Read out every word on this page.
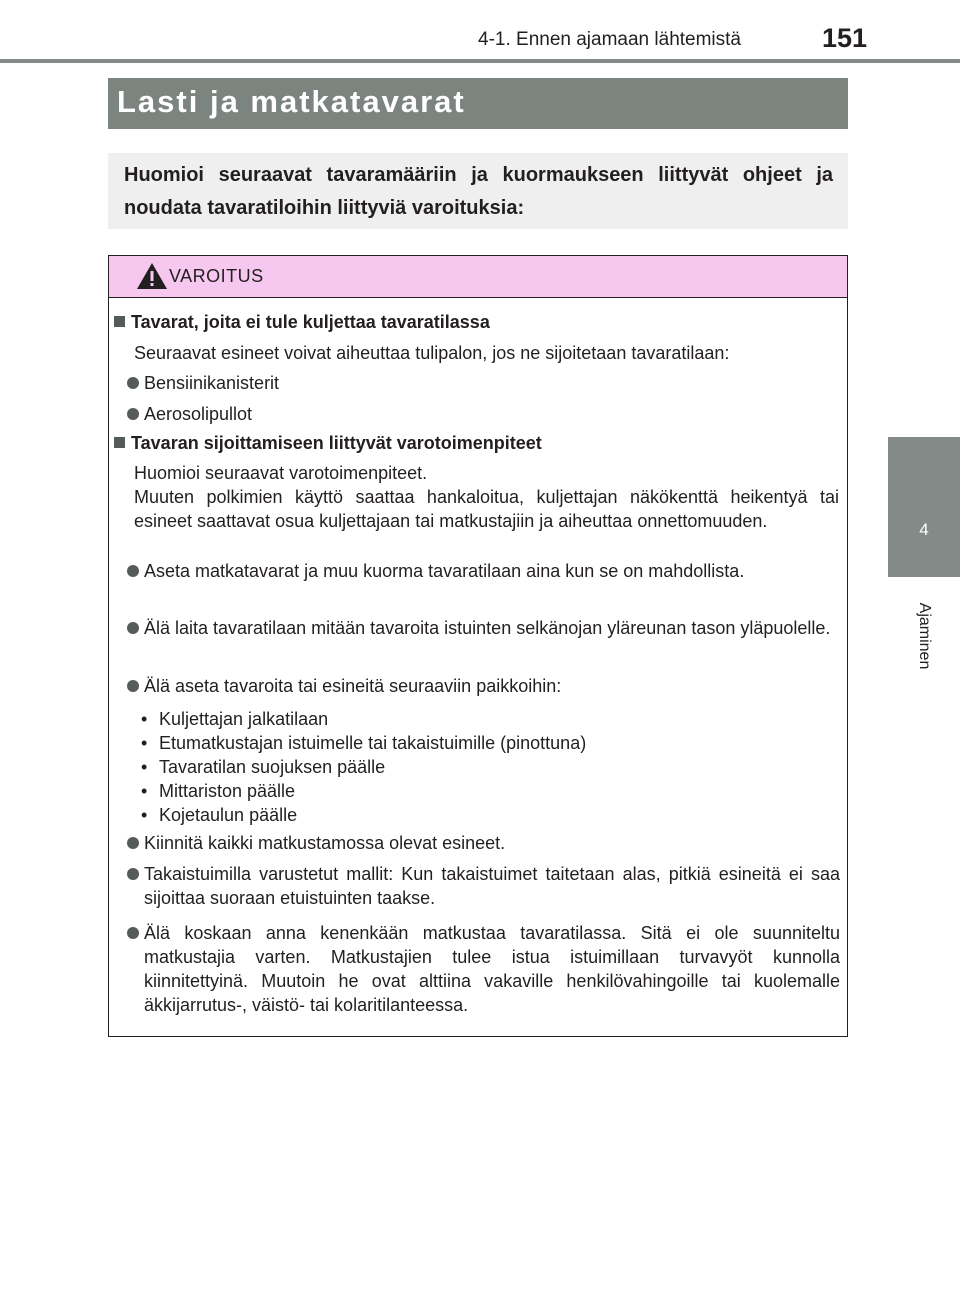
4-1. Ennen ajamaan lähtemistä	151
4
Ajaminen
Lasti ja matkatavarat
Huomioi seuraavat tavaramääriin ja kuormaukseen liittyvät ohjeet ja noudata tavaratiloihin liittyviä varoituksia:
VAROITUS
Tavarat, joita ei tule kuljettaa tavaratilassa
Seuraavat esineet voivat aiheuttaa tulipalon, jos ne sijoitetaan tavaratilaan:
Bensiinikanisterit
Aerosolipullot
Tavaran sijoittamiseen liittyvät varotoimenpiteet
Huomioi seuraavat varotoimenpiteet.
Muuten polkimien käyttö saattaa hankaloitua, kuljettajan näkökenttä heikentyä tai esineet saattavat osua kuljettajaan tai matkustajiin ja aiheuttaa onnettomuuden.
Aseta matkatavarat ja muu kuorma tavaratilaan aina kun se on mahdollista.
Älä laita tavaratilaan mitään tavaroita istuinten selkänojan yläreunan tason yläpuolelle.
Älä aseta tavaroita tai esineitä seuraaviin paikkoihin:
• Kuljettajan jalkatilaan
• Etumatkustajan istuimelle tai takaistuimille (pinottuna)
• Tavaratilan suojuksen päälle
• Mittariston päälle
• Kojetaulun päälle
Kiinnitä kaikki matkustamossa olevat esineet.
Takaistuimilla varustetut mallit: Kun takaistuimet taitetaan alas, pitkiä esineitä ei saa sijoittaa suoraan etuistuinten taakse.
Älä koskaan anna kenenkään matkustaa tavaratilassa. Sitä ei ole suunniteltu matkustajia varten. Matkustajien tulee istua istuimillaan turvavyöt kunnolla kiinnitettyinä. Muutoin he ovat alttiina vakaville henkilövahingoille tai kuolemalle äkkijarrutus-, väistö- tai kolaritilanteessa.
